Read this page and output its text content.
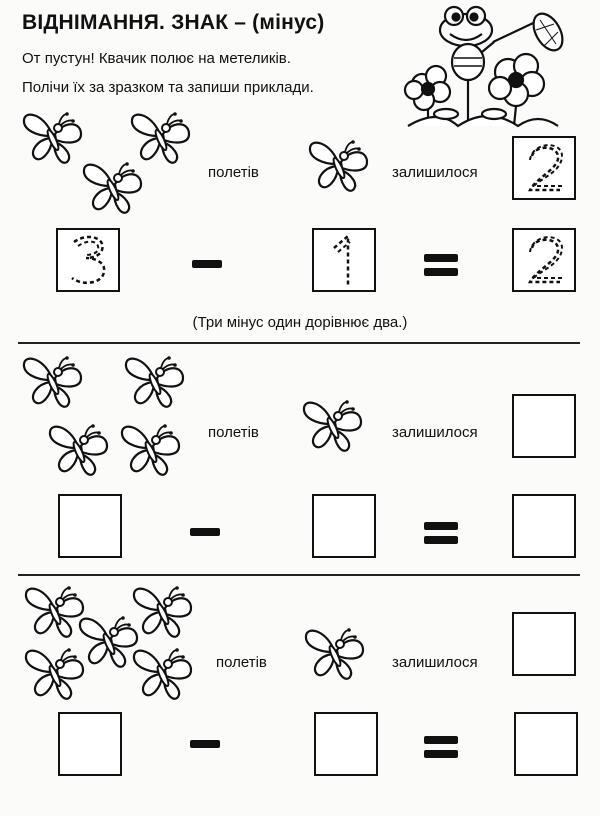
ВІДНІМАННЯ. ЗНАК – (мінус)
От пустун! Квачик полює на метеликів.
Полічи їх за зразком та запиши приклади.
полетів	залишилося
(Три мінус один дорівнює два.)
полетів	залишилося
полетів	залишилося
